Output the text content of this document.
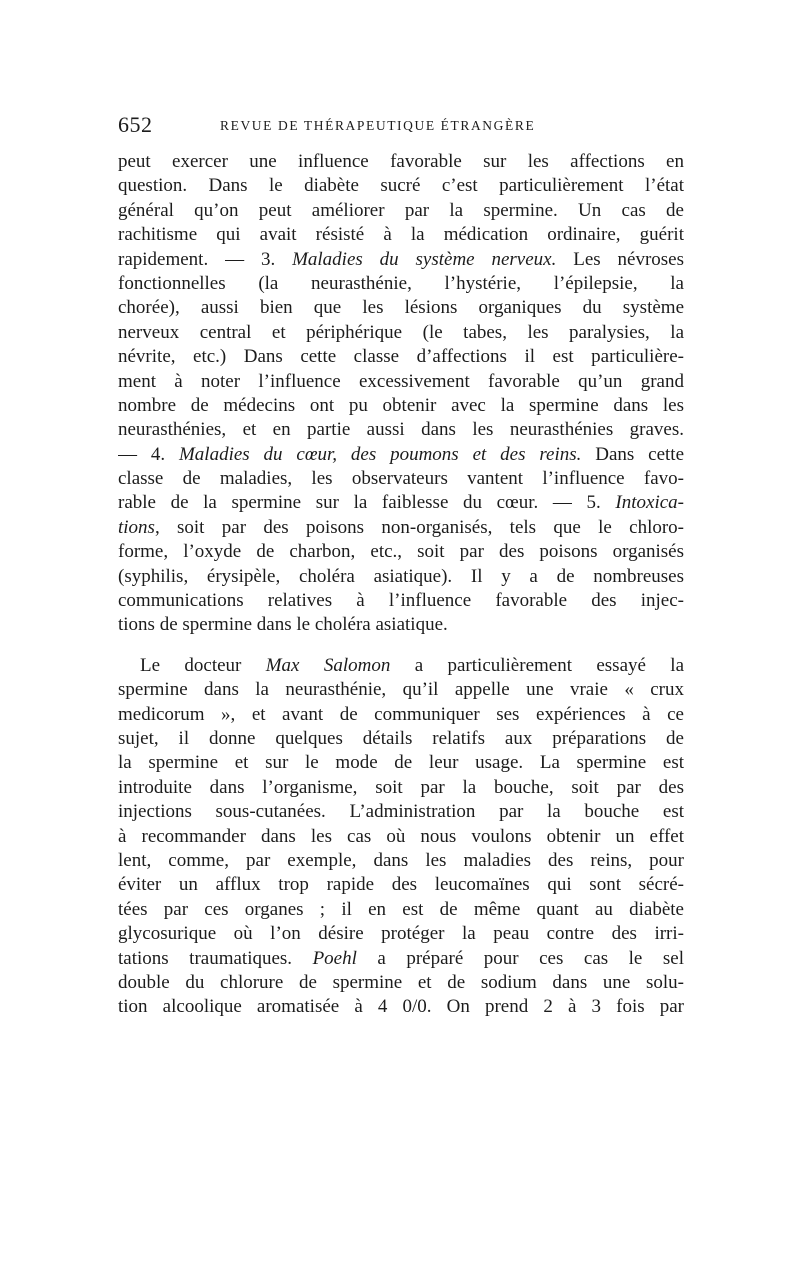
652	REVUE DE THÉRAPEUTIQUE ÉTRANGÈRE
peut exercer une influence favorable sur les affections en
question. Dans le diabète sucré c’est particulièrement l’état
général qu’on peut améliorer par la spermine. Un cas de
rachitisme qui avait résisté à la médication ordinaire, guérit
rapidement. — 3. Maladies du système nerveux. Les névroses
fonctionnelles (la neurasthénie, l’hystérie, l’épilepsie, la
chorée), aussi bien que les lésions organiques du système
nerveux central et périphérique (le tabes, les paralysies, la
névrite, etc.) Dans cette classe d’affections il est particulière-
ment à noter l’influence excessivement favorable qu’un grand
nombre de médecins ont pu obtenir avec la spermine dans les
neurasthénies, et en partie aussi dans les neurasthénies graves.
— 4. Maladies du cœur, des poumons et des reins. Dans cette
classe de maladies, les observateurs vantent l’influence favo-
rable de la spermine sur la faiblesse du cœur. — 5. Intoxica-
tions, soit par des poisons non-organisés, tels que le chloro-
forme, l’oxyde de charbon, etc., soit par des poisons organisés
(syphilis, érysipèle, choléra asiatique). Il y a de nombreuses
communications relatives à l’influence favorable des injec-
tions de spermine dans le choléra asiatique.
Le docteur Max Salomon a particulièrement essayé la
spermine dans la neurasthénie, qu’il appelle une vraie « crux
medicorum », et avant de communiquer ses expériences à ce
sujet, il donne quelques détails relatifs aux préparations de
la spermine et sur le mode de leur usage. La spermine est
introduite dans l’organisme, soit par la bouche, soit par des
injections sous-cutanées. L’administration par la bouche est
à recommander dans les cas où nous voulons obtenir un effet
lent, comme, par exemple, dans les maladies des reins, pour
éviter un afflux trop rapide des leucomaïnes qui sont sécré-
tées par ces organes ; il en est de même quant au diabète
glycosurique où l’on désire protéger la peau contre des irri-
tations traumatiques. Poehl a préparé pour ces cas le sel
double du chlorure de spermine et de sodium dans une solu-
tion alcoolique aromatisée à 4 0/0. On prend 2 à 3 fois par
